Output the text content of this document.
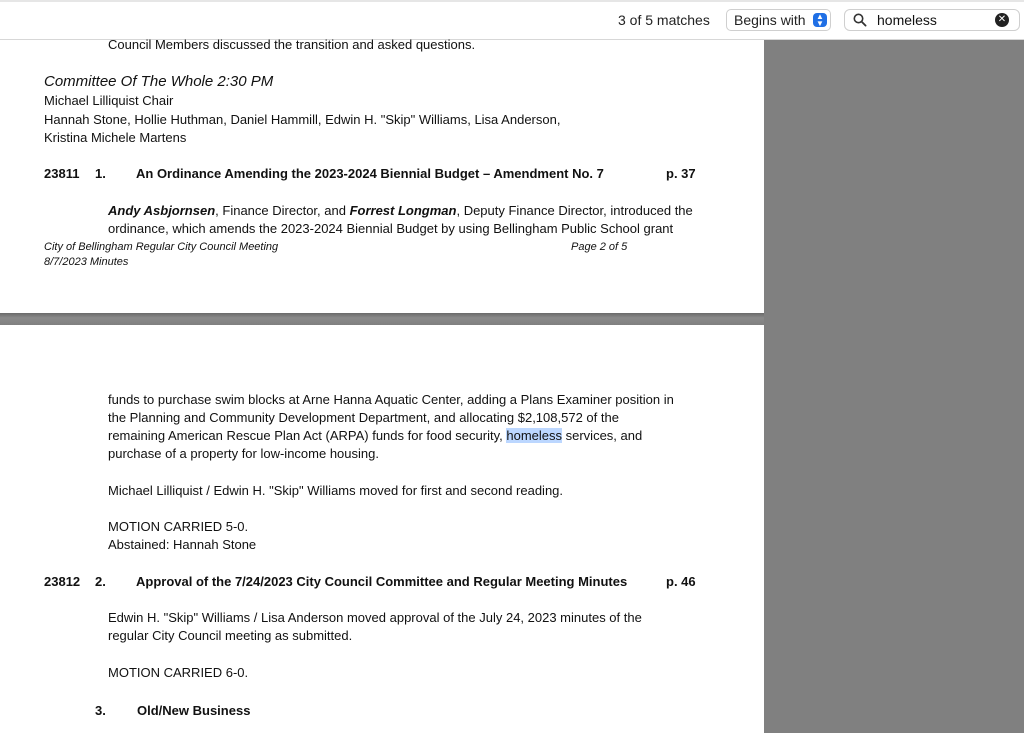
3 of 5 matches Begins with	▲
▼	homeless	✕
Council Members discussed the transition and asked questions.
Committee Of The Whole 2:30 PM
Michael Lilliquist Chair
Hannah Stone, Hollie Huthman, Daniel Hammill, Edwin H. "Skip" Williams, Lisa Anderson,
Kristina Michele Martens
23811 1. An Ordinance Amending the 2023-2024 Biennial Budget – Amendment No. 7	p. 37
Andy Asbjornsen, Finance Director, and Forrest Longman, Deputy Finance Director, introduced the
ordinance, which amends the 2023-2024 Biennial Budget by using Bellingham Public School grant
City of Bellingham Regular City Council Meeting
8/7/2023 Minutes
Page 2 of 5
funds to purchase swim blocks at Arne Hanna Aquatic Center, adding a Plans Examiner position in
the Planning and Community Development Department, and allocating $2,108,572 of the
remaining American Rescue Plan Act (ARPA) funds for food security, homeless services, and
purchase of a property for low-income housing.
Michael Lilliquist / Edwin H. "Skip" Williams moved for first and second reading.
MOTION CARRIED 5-0.
Abstained: Hannah Stone
23812 2. Approval of the 7/24/2023 City Council Committee and Regular Meeting Minutes	p. 46
Edwin H. "Skip" Williams / Lisa Anderson moved approval of the July 24, 2023 minutes of the
regular City Council meeting as submitted.
MOTION CARRIED 6-0.
3. Old/New Business
